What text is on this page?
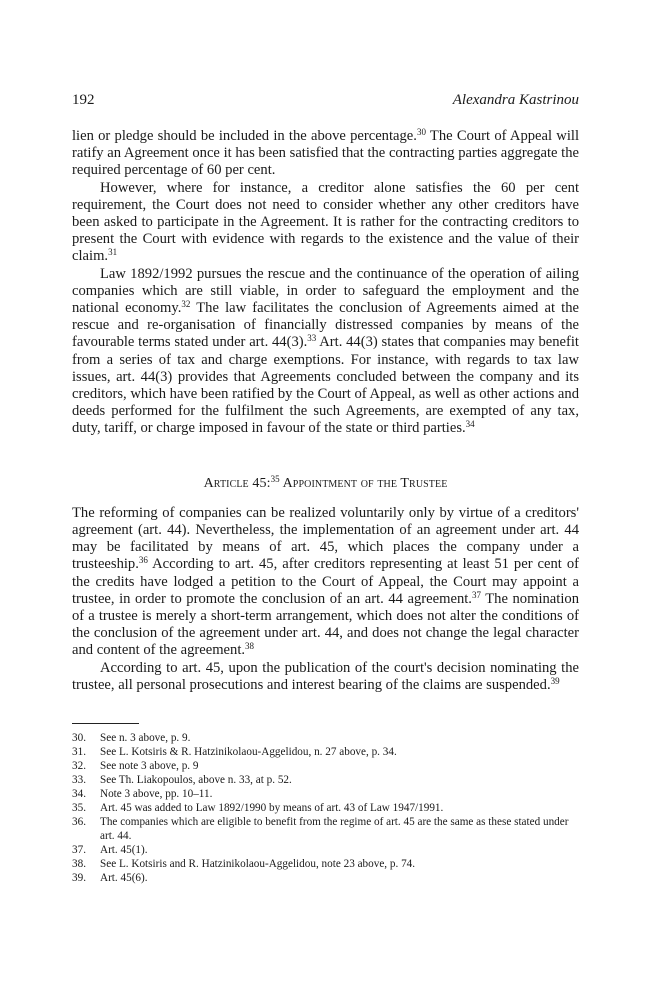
192	Alexandra Kastrinou

lien or pledge should be included in the above percentage.$^{30}$ The Court of Appeal will ratify an Agreement once it has been satisfied that the contracting parties aggregate the required percentage of 60 per cent.

However, where for instance, a creditor alone satisfies the 60 per cent requirement, the Court does not need to consider whether any other creditors have been asked to participate in the Agreement. It is rather for the contracting creditors to present the Court with evidence with regards to the existence and the value of their claim.$^{31}$

Law 1892/1992 pursues the rescue and the continuance of the operation of ailing companies which are still viable, in order to safeguard the employment and the national economy.$^{32}$ The law facilitates the conclusion of Agreements aimed at the rescue and re-organisation of financially distressed companies by means of the favourable terms stated under art. 44(3).$^{33}$ Art. 44(3) states that companies may benefit from a series of tax and charge exemptions. For instance, with regards to tax law issues, art. 44(3) provides that Agreements concluded between the company and its creditors, which have been ratified by the Court of Appeal, as well as other actions and deeds performed for the fulfilment the such Agreements, are exempted of any tax, duty, tariff, or charge imposed in favour of the state or third parties.$^{34}$

Article 45:$^{35}$ Appointment of the Trustee

The reforming of companies can be realized voluntarily only by virtue of a creditors' agreement (art. 44). Nevertheless, the implementation of an agreement under art. 44 may be facilitated by means of art. 45, which places the company under a trusteeship.$^{36}$ According to art. 45, after creditors representing at least 51 per cent of the credits have lodged a petition to the Court of Appeal, the Court may appoint a trustee, in order to promote the conclusion of an art. 44 agreement.$^{37}$ The nomination of a trustee is merely a short-term arrangement, which does not alter the conditions of the conclusion of the agreement under art. 44, and does not change the legal character and content of the agreement.$^{38}$

According to art. 45, upon the publication of the court's decision nominating the trustee, all personal prosecutions and interest bearing of the claims are suspended.$^{39}$

30.	See n. 3 above, p. 9.
31.	See L. Kotsiris & R. Hatzinikolaou-Aggelidou, n. 27 above, p. 34.
32.	See note 3 above, p. 9
33.	See Th. Liakopoulos, above n. 33, at p. 52.
34.	Note 3 above, pp. 10–11.
35.	Art. 45 was added to Law 1892/1990 by means of art. 43 of Law 1947/1991.
36.	The companies which are eligible to benefit from the regime of art. 45 are the same as these stated under art. 44.
37.	Art. 45(1).
38.	See L. Kotsiris and R. Hatzinikolaou-Aggelidou, note 23 above, p. 74.
39.	Art. 45(6).
